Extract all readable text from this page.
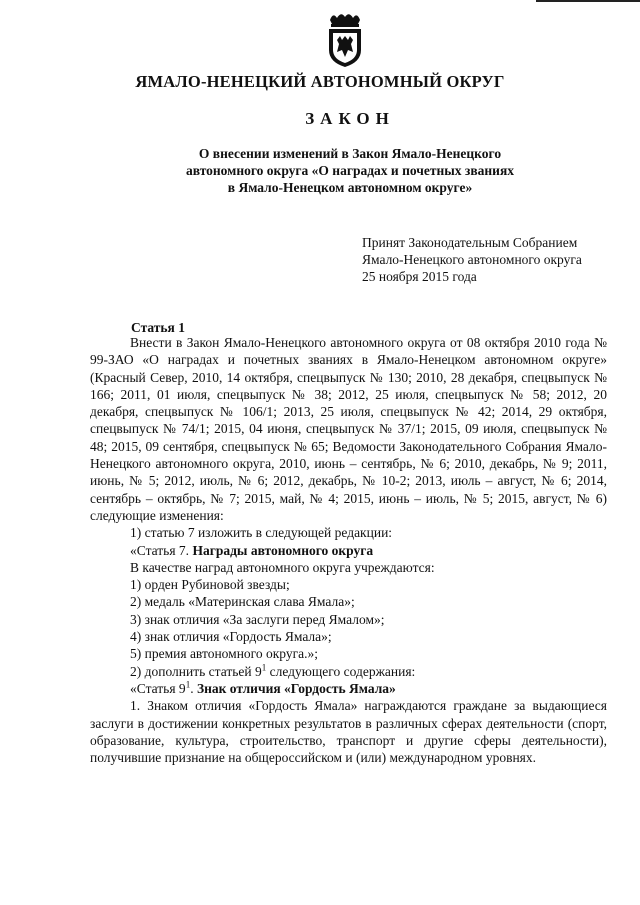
ЯМАЛО-НЕНЕЦКИЙ АВТОНОМНЫЙ ОКРУГ
ЗАКОН
О внесении изменений в Закон Ямало-Ненецкого
автономного округа «О наградах и почетных званиях
в Ямало-Ненецком автономном округе»
Принят Законодательным Собранием
Ямало-Ненецкого автономного округа
25 ноября 2015 года
Статья 1

Внести в Закон Ямало-Ненецкого автономного округа от 08 октября 2010 года № 99-ЗАО «О наградах и почетных званиях в Ямало-Ненецком автономном округе» (Красный Север, 2010, 14 октября, спецвыпуск № 130; 2010, 28 декабря, спецвыпуск № 166; 2011, 01 июля, спецвыпуск № 38; 2012, 25 июля, спецвыпуск № 58; 2012, 20 декабря, спецвыпуск № 106/1; 2013, 25 июля, спецвыпуск № 42; 2014, 29 октября, спецвыпуск № 74/1; 2015, 04 июня, спецвыпуск № 37/1; 2015, 09 июля, спецвыпуск № 48; 2015, 09 сентября, спецвыпуск № 65; Ведомости Законодательного Собрания Ямало-Ненецкого автономного округа, 2010, июнь – сентябрь, № 6; 2010, декабрь, № 9; 2011, июнь, № 5; 2012, июль, № 6; 2012, декабрь, № 10-2; 2013, июль – август, № 6; 2014, сентябрь – октябрь, № 7; 2015, май, № 4; 2015, июнь – июль, № 5; 2015, август, № 6) следующие изменения:

1) статью 7 изложить в следующей редакции:

«Статья 7. Награды автономного округа

В качестве наград автономного округа учреждаются:

1) орден Рубиновой звезды;

2) медаль «Материнская слава Ямала»;

3) знак отличия «За заслуги перед Ямалом»;

4) знак отличия «Гордость Ямала»;

5) премия автономного округа.»;

2) дополнить статьей $9^1$ следующего содержания:

«Статья $9^1$. Знак отличия «Гордость Ямала»

1. Знаком отличия «Гордость Ямала» награждаются граждане за выдающиеся заслуги в достижении конкретных результатов в различных сферах деятельности (спорт, образование, культура, строительство, транспорт и другие сферы деятельности), получившие признание на общероссийском и (или) международном уровнях.
